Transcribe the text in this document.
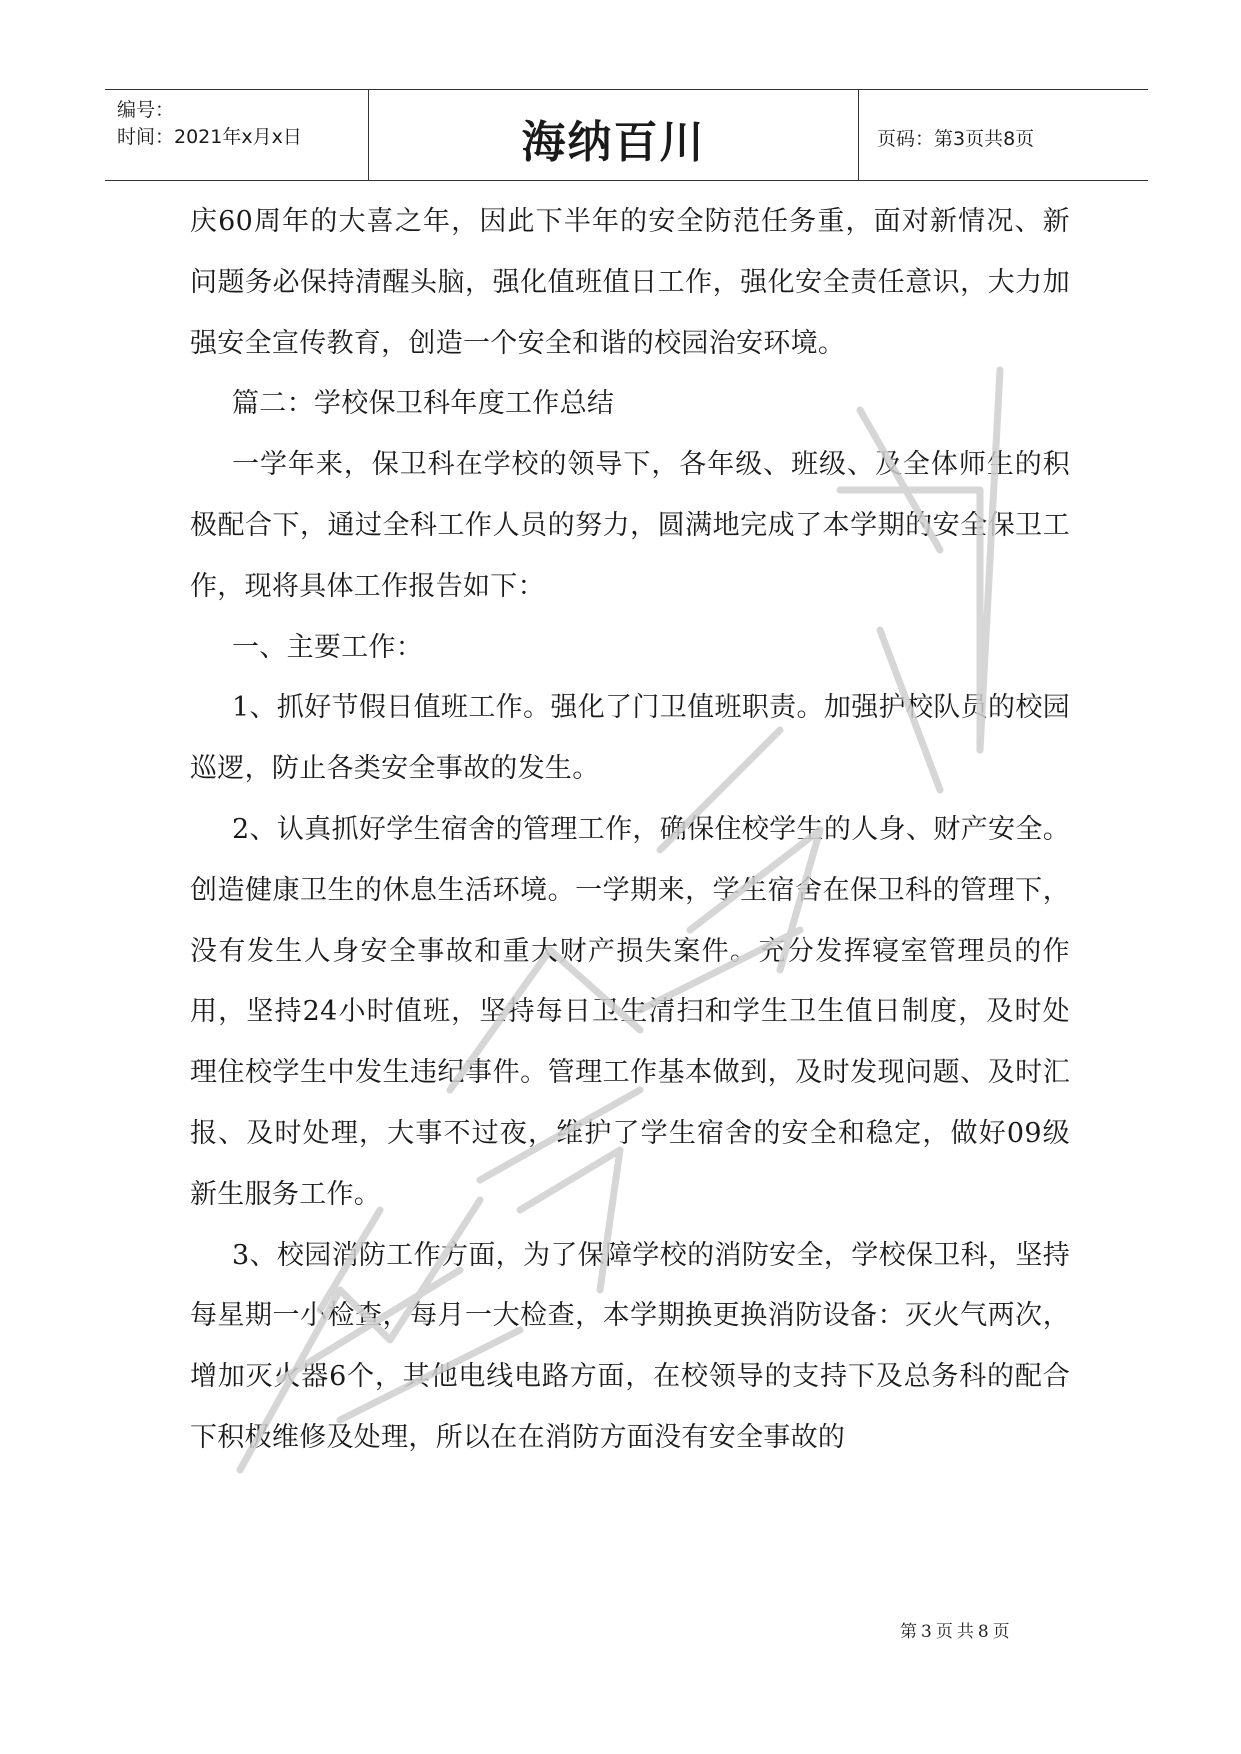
编号：
时间：2021年x月x日	海纳百川	页码：第3页共8页

庆60周年的大喜之年，因此下半年的安全防范任务重，面对新情况、新问题务必保持清醒头脑，强化值班值日工作，强化安全责任意识，大力加强安全宣传教育，创造一个安全和谐的校园治安环境。

篇二：学校保卫科年度工作总结

一学年来，保卫科在学校的领导下，各年级、班级、及全体师生的积极配合下，通过全科工作人员的努力，圆满地完成了本学期的安全保卫工作，现将具体工作报告如下：

一、主要工作：

1、抓好节假日值班工作。强化了门卫值班职责。加强护校队员的校园巡逻，防止各类安全事故的发生。

2、认真抓好学生宿舍的管理工作，确保住校学生的人身、财产安全。创造健康卫生的休息生活环境。一学期来，学生宿舍在保卫科的管理下，没有发生人身安全事故和重大财产损失案件。充分发挥寝室管理员的作用，坚持24小时值班，坚持每日卫生清扫和学生卫生值日制度，及时处理住校学生中发生违纪事件。管理工作基本做到，及时发现问题、及时汇报、及时处理，大事不过夜，维护了学生宿舍的安全和稳定，做好09级新生服务工作。

3、校园消防工作方面，为了保障学校的消防安全，学校保卫科，坚持每星期一小检查，每月一大检查，本学期换更换消防设备：灭火气两次，增加灭火器6个，其他电线电路方面，在校领导的支持下及总务科的配合下积极维修及处理，所以在在消防方面没有安全事故的

第3页共8页
